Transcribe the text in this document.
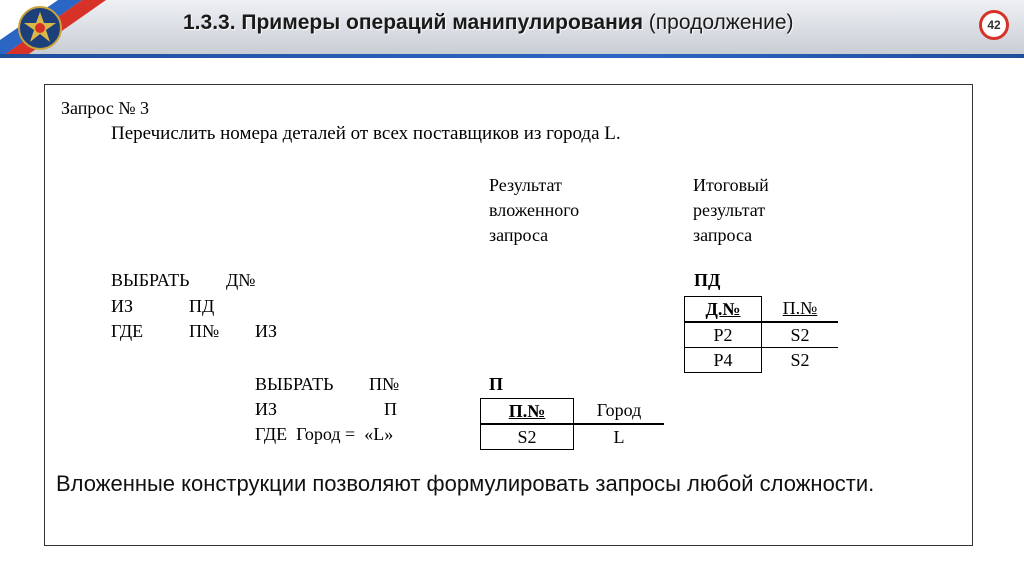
1.3.3. Примеры операций манипулирования (продолжение)	42
Запрос № 3
Перечислить номера деталей от всех поставщиков из города L.
Результат
вложенного
запроса
Итоговый
результат
запроса
ВЫБРАТЬ Д№
ИЗ	ПД
ГДЕ	П№ ИЗ
ВЫБРАТЬ П№
ИЗ	П
ГДЕ  Город =  «L»
П
П.№	Город
S2	L
ПД
Д.№	П.№
P2	S2
P4	S2
Вложенные конструкции позволяют формулировать запросы любой сложности.
